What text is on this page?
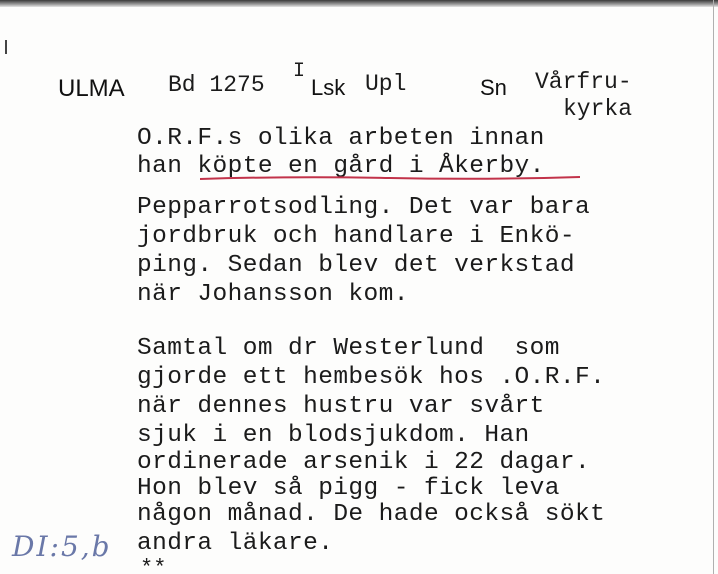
ULMA Bd 1275
I
Lsk Upl	Sn Vårfru-
kyrka
O.R.F.s olika arbeten innan
han köpte en gård i Åkerby.
Pepparrotsodling. Det var bara
jordbruk och handlare i Enkö-
ping. Sedan blev det verkstad
när Johansson kom.
Samtal om dr Westerlund  som
gjorde ett hembesök hos .O.R.F.
när dennes hustru var svårt
sjuk i en blodsjukdom. Han
ordinerade arsenik i 22 dagar.
Hon blev så pigg - fick leva
någon månad. De hade också sökt
andra läkare.
**
DI:5,b
